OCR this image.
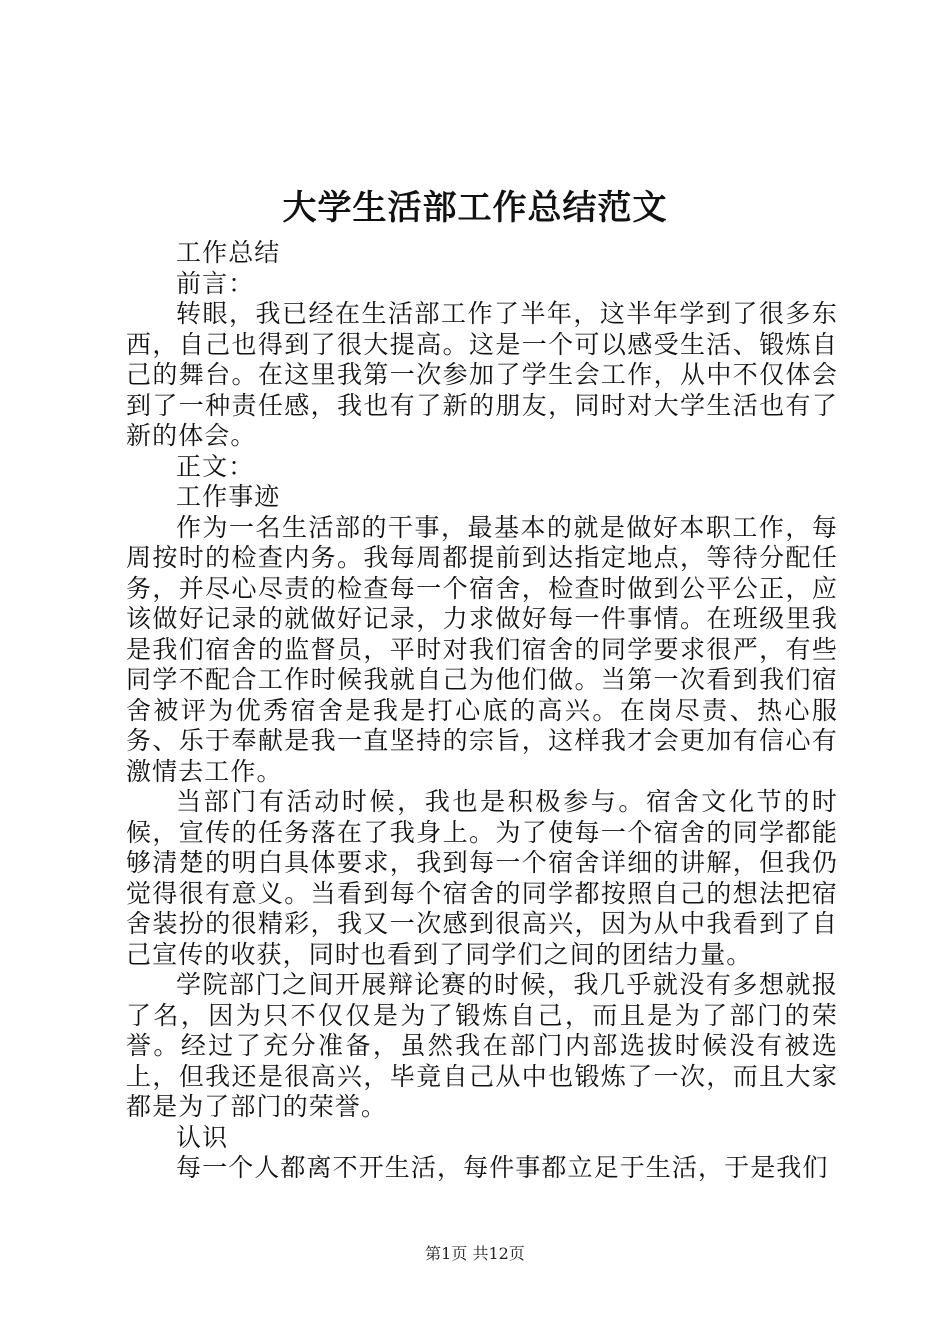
大学生活部工作总结范文

工作总结

前言：

转眼，我已经在生活部工作了半年，这半年学到了很多东西，自己也得到了很大提高。这是一个可以感受生活、锻炼自己的舞台。在这里我第一次参加了学生会工作，从中不仅体会到了一种责任感，我也有了新的朋友，同时对大学生活也有了新的体会。

正文：

工作事迹

作为一名生活部的干事，最基本的就是做好本职工作，每周按时的检查内务。我每周都提前到达指定地点，等待分配任务，并尽心尽责的检查每一个宿舍，检查时做到公平公正，应该做好记录的就做好记录，力求做好每一件事情。在班级里我是我们宿舍的监督员，平时对我们宿舍的同学要求很严，有些同学不配合工作时候我就自己为他们做。当第一次看到我们宿舍被评为优秀宿舍是我是打心底的高兴。在岗尽责、热心服务、乐于奉献是我一直坚持的宗旨，这样我才会更加有信心有激情去工作。

当部门有活动时候，我也是积极参与。宿舍文化节的时候，宣传的任务落在了我身上。为了使每一个宿舍的同学都能够清楚的明白具体要求，我到每一个宿舍详细的讲解，但我仍觉得很有意义。当看到每个宿舍的同学都按照自己的想法把宿舍装扮的很精彩，我又一次感到很高兴，因为从中我看到了自己宣传的收获，同时也看到了同学们之间的团结力量。

学院部门之间开展辩论赛的时候，我几乎就没有多想就报了名，因为只不仅仅是为了锻炼自己，而且是为了部门的荣誉。经过了充分准备，虽然我在部门内部选拔时候没有被选上，但我还是很高兴，毕竟自己从中也锻炼了一次，而且大家都是为了部门的荣誉。

认识

每一个人都离不开生活，每件事都立足于生活，于是我们

第1页 共12页
